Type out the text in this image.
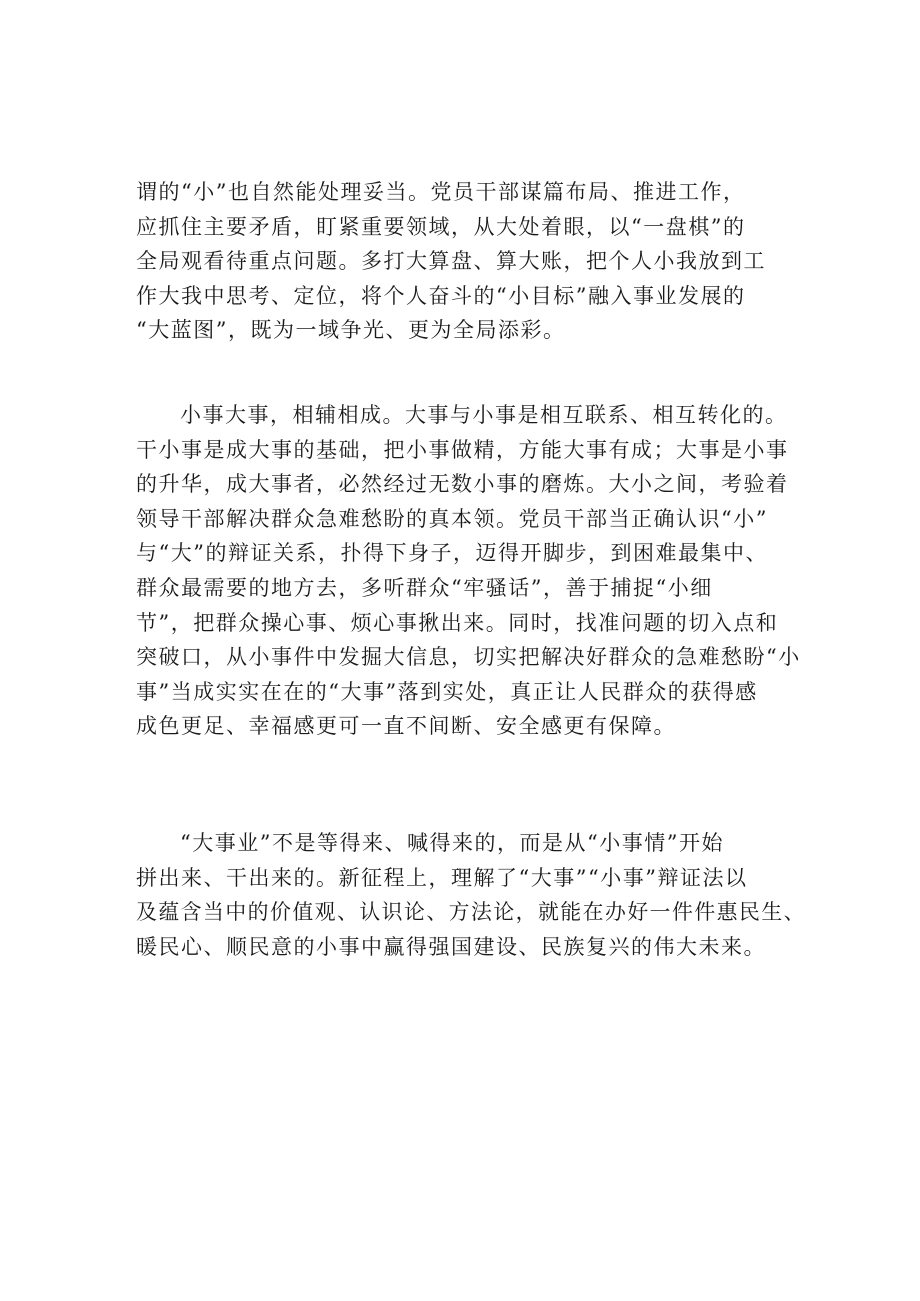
谓的“小”也自然能处理妥当。党员干部谋篇布局、推进工作，
应抓住主要矛盾，盯紧重要领域，从大处着眼，以“一盘棋”的
全局观看待重点问题。多打大算盘、算大账，把个人小我放到工
作大我中思考、定位，将个人奋斗的“小目标”融入事业发展的
“大蓝图”，既为一域争光、更为全局添彩。
小事大事，相辅相成。大事与小事是相互联系、相互转化的。
干小事是成大事的基础，把小事做精，方能大事有成；大事是小事
的升华，成大事者，必然经过无数小事的磨炼。大小之间，考验着
领导干部解决群众急难愁盼的真本领。党员干部当正确认识“小”
与“大”的辩证关系，扑得下身子，迈得开脚步，到困难最集中、
群众最需要的地方去，多听群众“牢骚话”，善于捕捉“小细
节”，把群众操心事、烦心事揪出来。同时，找准问题的切入点和
突破口，从小事件中发掘大信息，切实把解决好群众的急难愁盼“小
事”当成实实在在的“大事”落到实处，真正让人民群众的获得感
成色更足、幸福感更可一直不间断、安全感更有保障。
“大事业”不是等得来、喊得来的，而是从“小事情”开始
拼出来、干出来的。新征程上，理解了“大事”“小事”辩证法以
及蕴含当中的价值观、认识论、方法论，就能在办好一件件惠民生、
暖民心、顺民意的小事中赢得强国建设、民族复兴的伟大未来。
